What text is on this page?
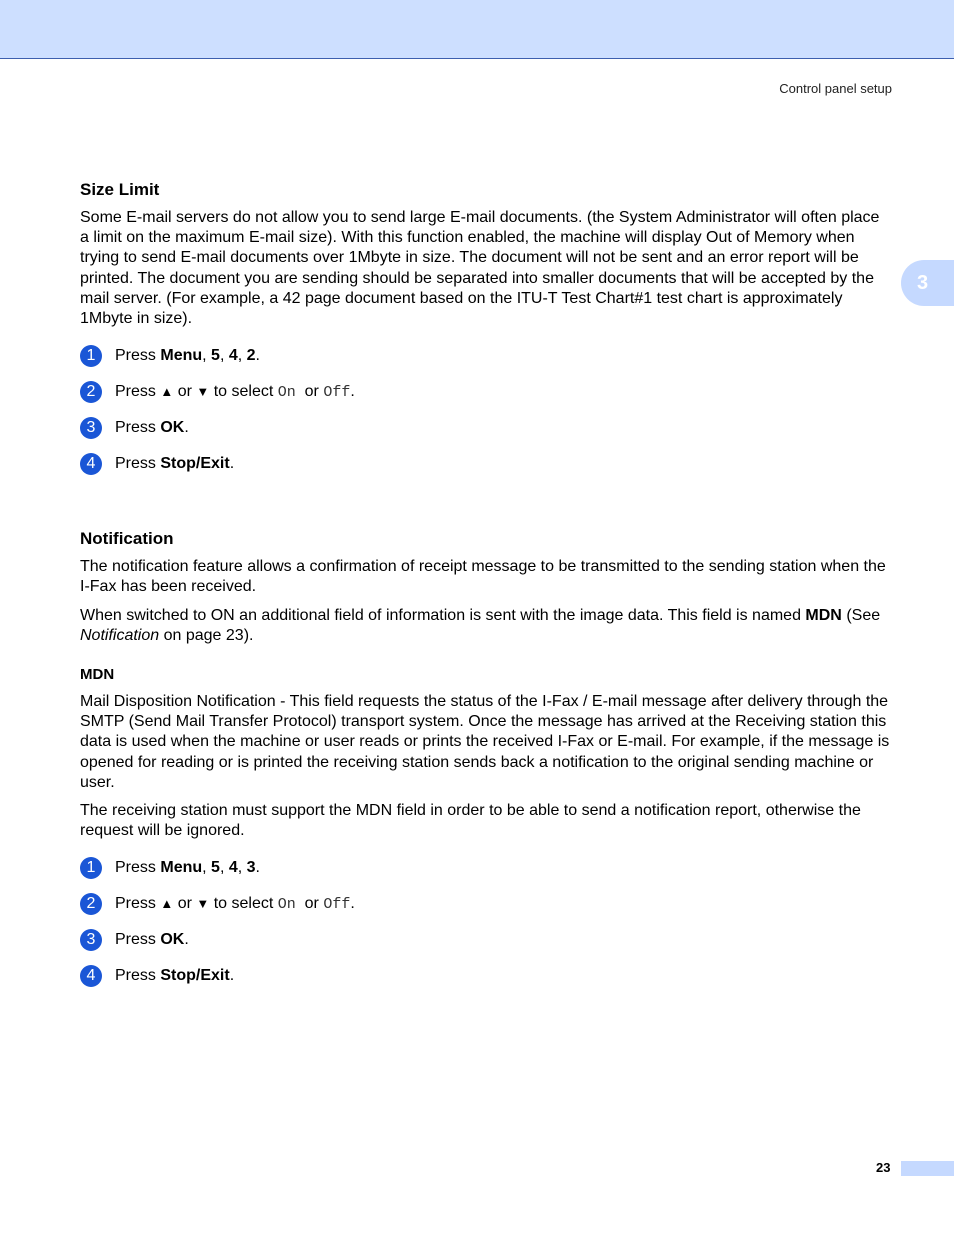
Control panel setup
3
Size Limit

Some E-mail servers do not allow you to send large E-mail documents. (the System Administrator will often place a limit on the maximum E-mail size). With this function enabled, the machine will display Out of Memory when trying to send E-mail documents over 1Mbyte in size. The document will not be sent and an error report will be printed. The document you are sending should be separated into smaller documents that will be accepted by the mail server. (For example, a 42 page document based on the ITU-T Test Chart#1 test chart is approximately 1Mbyte in size).

1	Press Menu, 5, 4, 2.
2	Press ▲ or ▼ to select On or Off.
3	Press OK.
4	Press Stop/Exit.
Notification

The notification feature allows a confirmation of receipt message to be transmitted to the sending station when the I-Fax has been received.

When switched to ON an additional field of information is sent with the image data. This field is named MDN (See Notification on page 23).

MDN

Mail Disposition Notification - This field requests the status of the I-Fax / E-mail message after delivery through the SMTP (Send Mail Transfer Protocol) transport system. Once the message has arrived at the Receiving station this data is used when the machine or user reads or prints the received I-Fax or E-mail. For example, if the message is opened for reading or is printed the receiving station sends back a notification to the original sending machine or user.

The receiving station must support the MDN field in order to be able to send a notification report, otherwise the request will be ignored.

1	Press Menu, 5, 4, 3.
2	Press ▲ or ▼ to select On or Off.
3	Press OK.
4	Press Stop/Exit.
23
